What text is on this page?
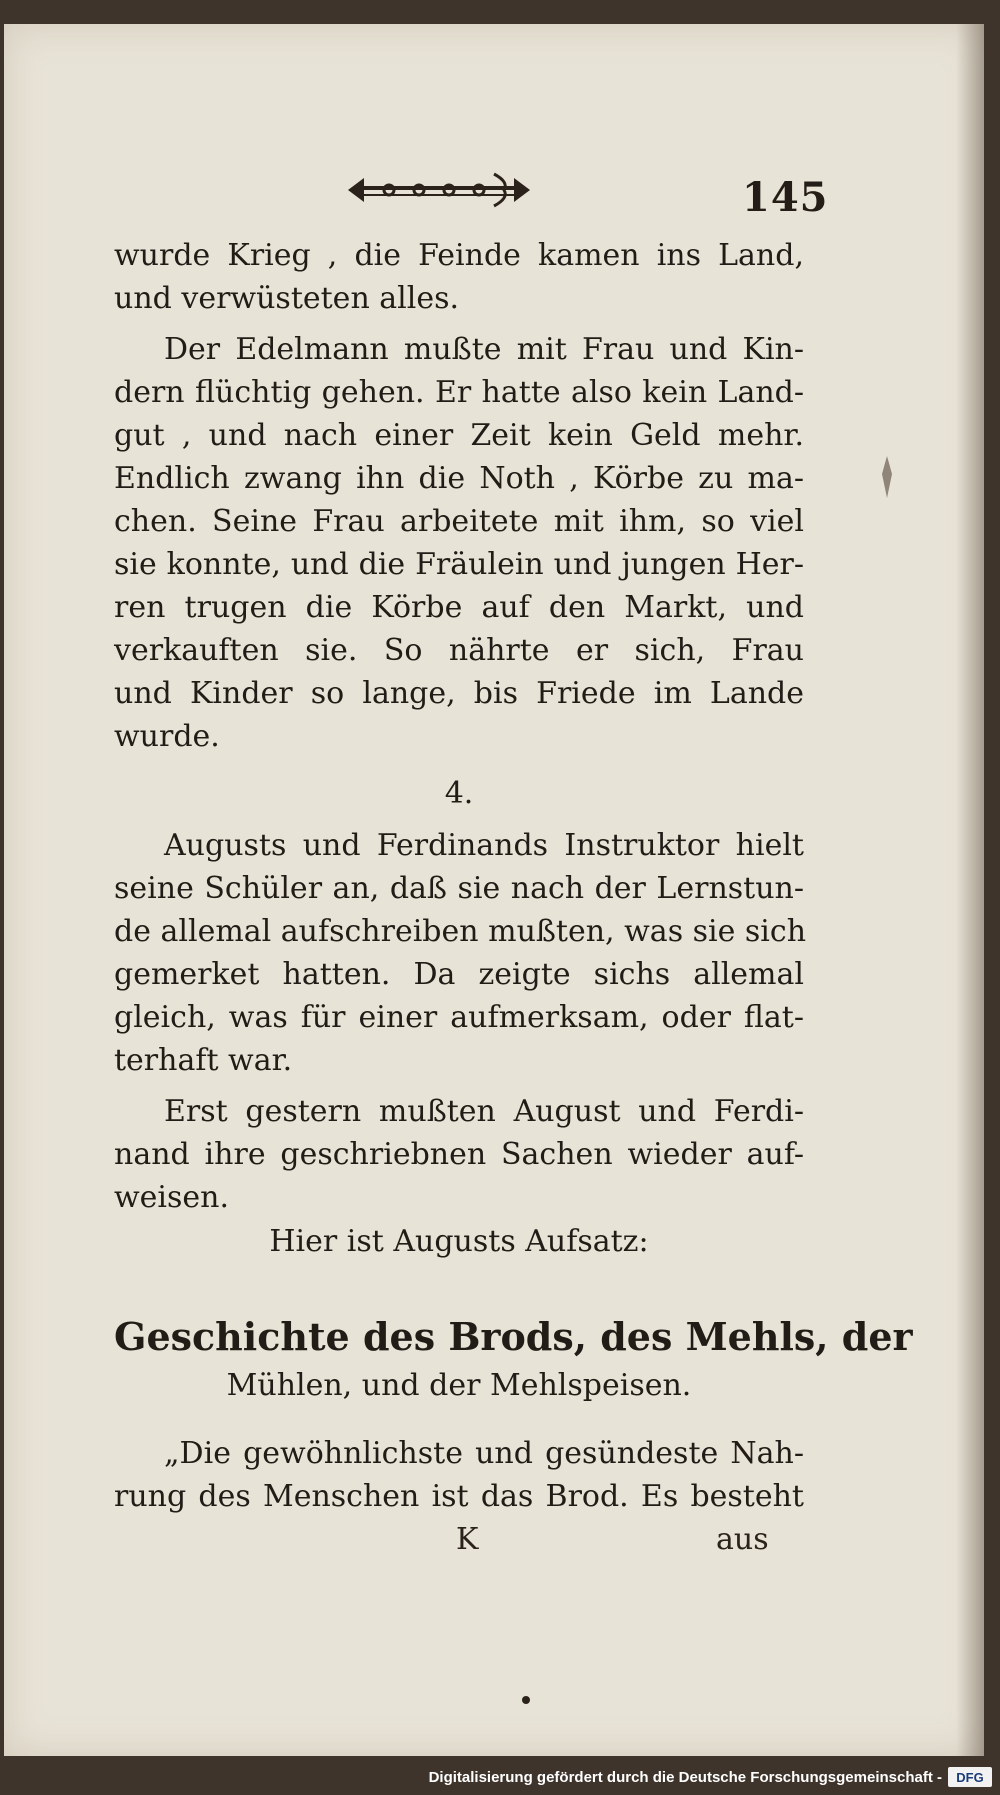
145
wurde Krieg , die Feinde kamen ins Land,
und verwüsteten alles.
Der Edelmann mußte mit Frau und Kin-
dern flüchtig gehen. Er hatte also kein Land-
gut , und nach einer Zeit kein Geld mehr.
Endlich zwang ihn die Noth , Körbe zu ma-
chen. Seine Frau arbeitete mit ihm, so viel
sie konnte, und die Fräulein und jungen Her-
ren trugen die Körbe auf den Markt, und
verkauften sie. So nährte er sich, Frau
und Kinder so lange, bis Friede im Lande
wurde.
4.
Augusts und Ferdinands Instruktor hielt
seine Schüler an, daß sie nach der Lernstun-
de allemal aufschreiben mußten, was sie sich
gemerket hatten. Da zeigte sichs allemal
gleich, was für einer aufmerksam, oder flat-
terhaft war.
Erst gestern mußten August und Ferdi-
nand ihre geschriebnen Sachen wieder auf-
weisen.
Hier ist Augusts Aufsatz:
Geschichte des Brods, des Mehls, der
Mühlen, und der Mehlspeisen.
„Die gewöhnlichste und gesündeste Nah-
rung des Menschen ist das Brod. Es besteht
K	aus
Digitalisierung gefördert durch die Deutsche Forschungsgemeinschaft -	DFG
